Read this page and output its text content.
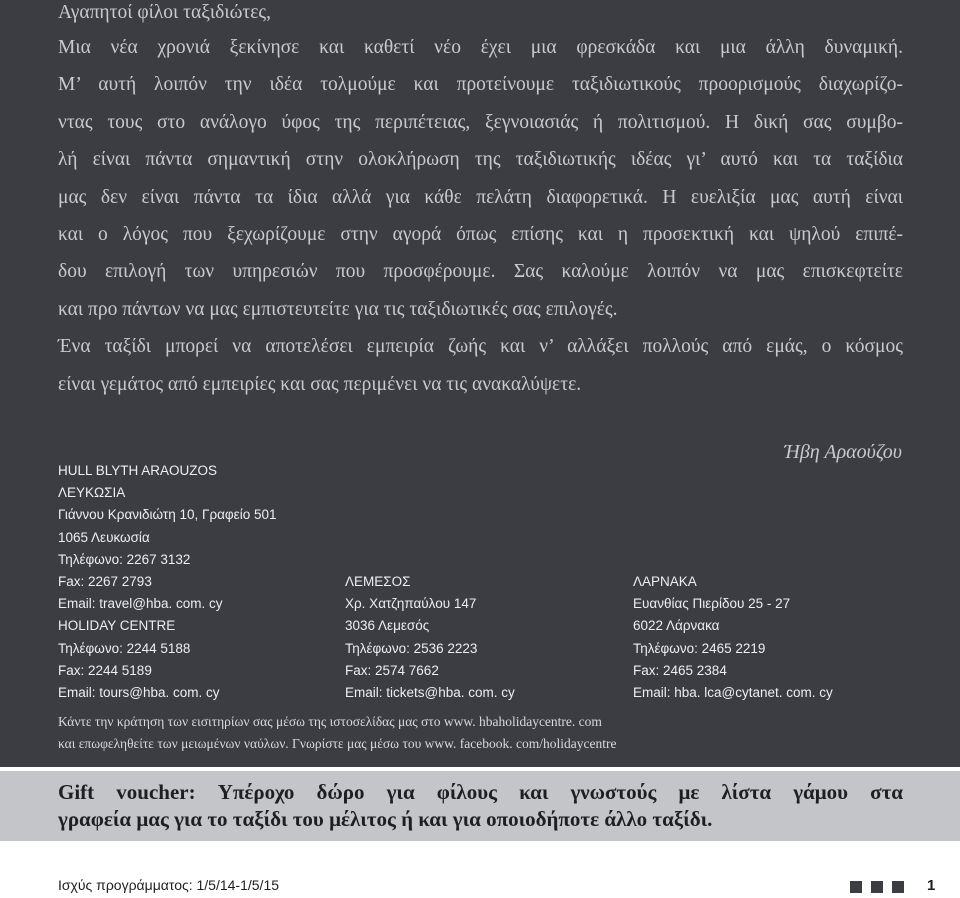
Αγαπητοί φίλοι ταξιδιώτες,

Μια νέα χρονιά ξεκίνησε και καθετί νέο έχει μια φρεσκάδα και μια άλλη δυναμική.

Μ’ αυτή λοιπόν την ιδέα τολμούμε και προτείνουμε ταξιδιωτικούς προορισμούς διαχωρίζο-

ντας τους στο ανάλογο ύφος της περιπέτειας, ξεγνοιασιάς ή πολιτισμού. Η δική σας συμβο-

λή είναι πάντα σημαντική στην ολοκλήρωση της ταξιδιωτικής ιδέας γι’ αυτό και τα ταξίδια

μας δεν είναι πάντα τα ίδια αλλά για κάθε πελάτη διαφορετικά. Η ευελιξία μας αυτή είναι

και ο λόγος που ξεχωρίζουμε στην αγορά όπως επίσης και η προσεκτική και ψηλού επιπέ-

δου επιλογή των υπηρεσιών που προσφέρουμε. Σας καλούμε λοιπόν να μας επισκεφτείτε

και προ πάντων να μας εμπιστευτείτε για τις ταξιδιωτικές σας επιλογές.

Ένα ταξίδι μπορεί να αποτελέσει εμπειρία ζωής και ν’ αλλάξει πολλούς από εμάς, ο κόσμος

είναι γεμάτος από εμπειρίες και σας περιμένει να τις ανακαλύψετε.

Ήβη Αραούζου
HULL BLYTH ARAOUZOS
ΛΕΥΚΩΣΙΑ
Γιάννου Κρανιδιώτη 10, Γραφείο 501
1065 Λευκωσία
Τηλέφωνο: 2267 3132
Fax: 2267 2793
Email: travel@hba. com. cy
HOLIDAY CENTRE
Τηλέφωνο: 2244 5188
Fax: 2244 5189
Email: tours@hba. com. cy
ΛΕΜΕΣΟΣ
Χρ. Χατζηπαύλου 147
3036 Λεμεσός
Τηλέφωνο: 2536 2223
Fax: 2574 7662
Email: tickets@hba. com. cy
ΛΑΡΝΑΚΑ
Ευανθίας Πιερίδου 25 - 27
6022 Λάρνακα
Τηλέφωνο: 2465 2219
Fax: 2465 2384
Email: hba. lca@cytanet. com. cy
Κάντε την κράτηση των εισιτηρίων σας μέσω της ιστοσελίδας μας στο www. hbaholidaycentre. com
και επωφεληθείτε των μειωμένων ναύλων. Γνωρίστε μας μέσω του www. facebook. com/holidaycentre
Gift voucher: Υπέροχο δώρο για φίλους και γνωστούς με λίστα γάμου στα
γραφεία μας για το ταξίδι του μέλιτος ή και για οποιοδήποτε άλλο ταξίδι.
Ισχύς προγράμματος: 1/5/14-1/5/15	1
